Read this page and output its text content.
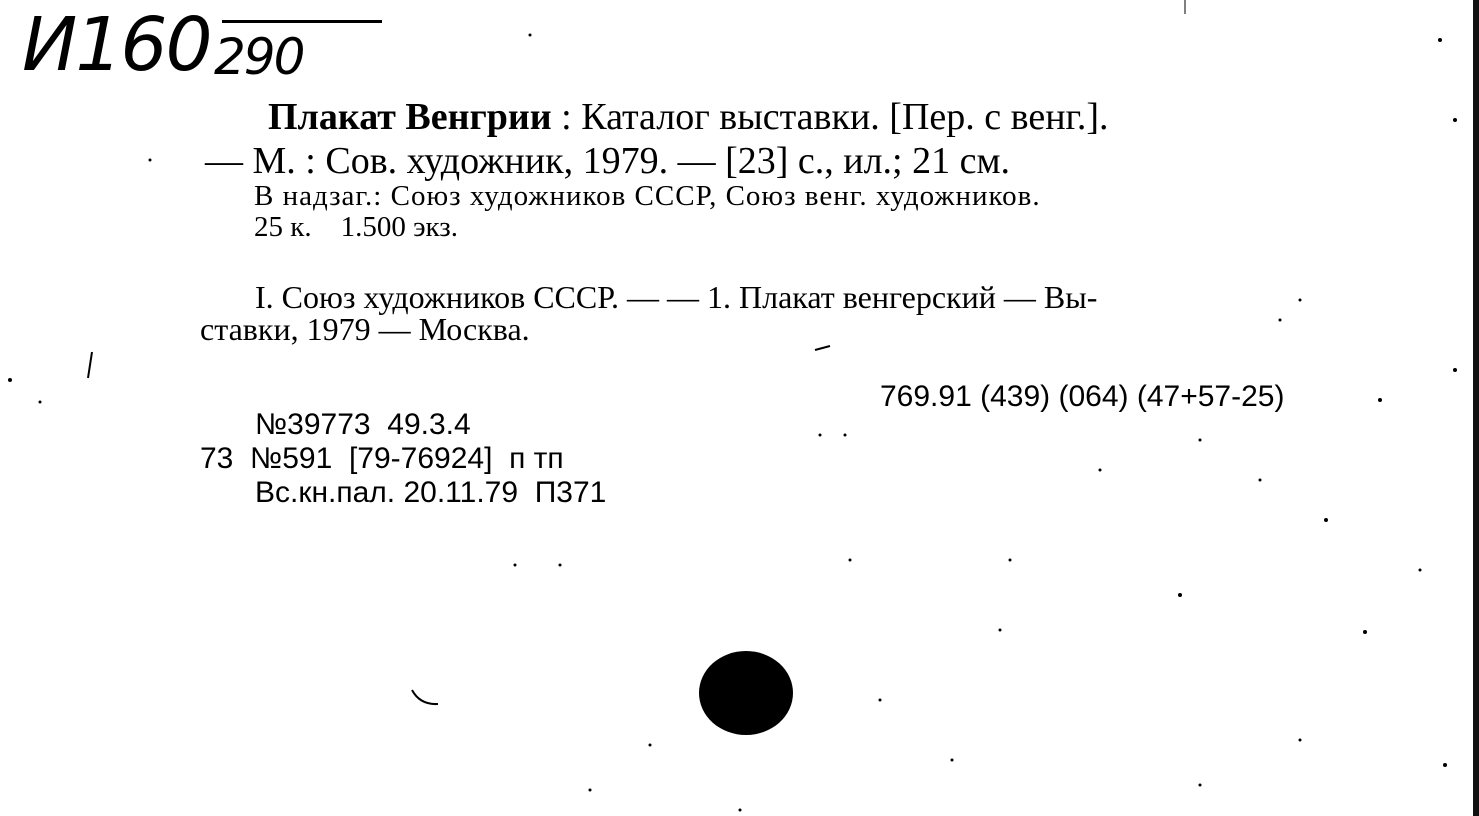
И160 290
Плакат Венгрии : Каталог выставки. [Пер. с венг.].
— М. : Сов. художник, 1979. — [23] с., ил.; 21 см.
В надзаг.: Союз художников СССР, Союз венг. художников.
25 к.    1.500 экз.
I. Союз художников СССР. — — 1. Плакат венгерский — Вы-
ставки, 1979 — Москва.
769.91 (439) (064) (47+57-25)
№39773  49.3.4
73  №591  [79-76924]  п тп
Вс.кн.пал. 20.11.79  П371
